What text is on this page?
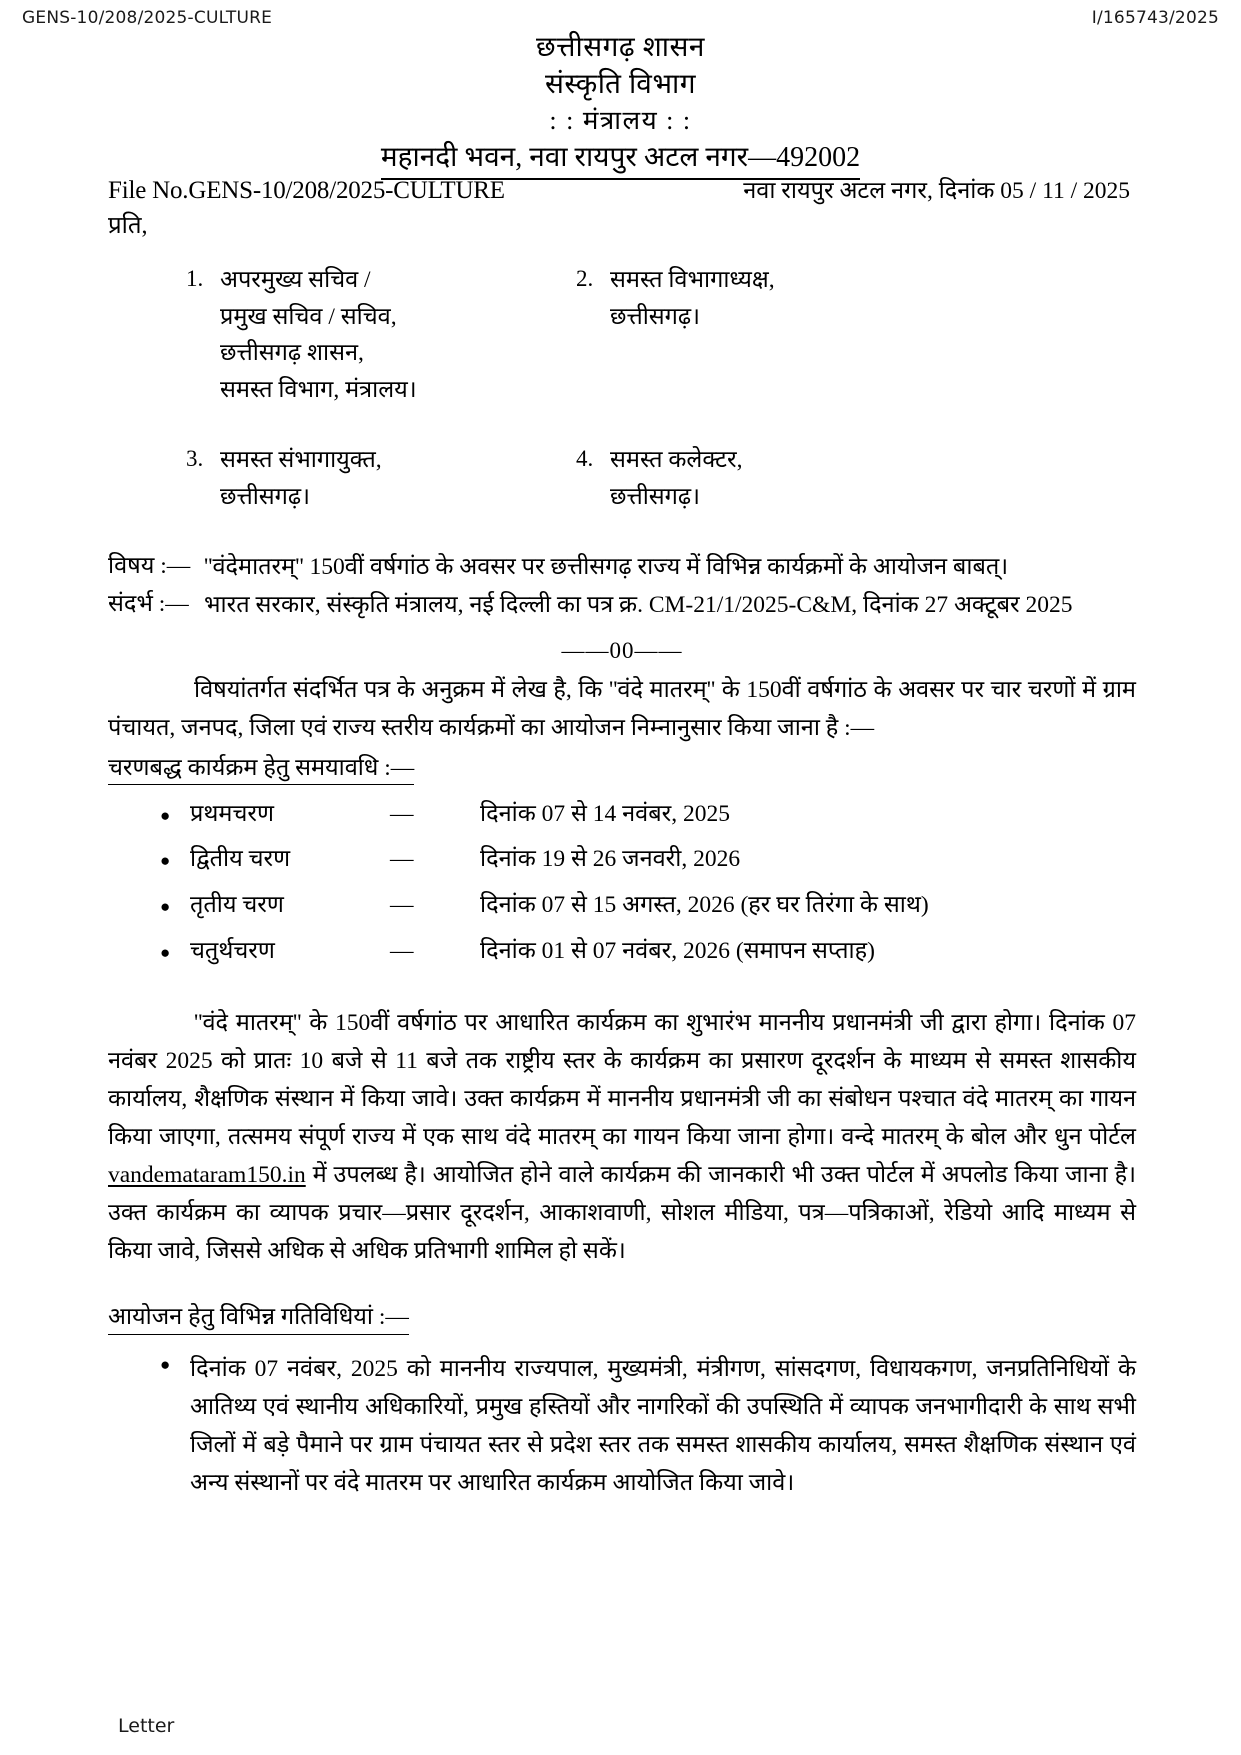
GENS-10/208/2025-CULTURE	I/165743/2025
छत्तीसगढ़ शासन
संस्कृति विभाग
: : मंत्रालय : :
महानदी भवन, नवा रायपुर अटल नगर—492002
File No.GENS-10/208/2025-CULTURE	नवा रायपुर अटल नगर, दिनांक 05 / 11 / 2025
प्रति,
1. अपरमुख्य सचिव /
प्रमुख सचिव / सचिव,
छत्तीसगढ़ शासन,
समस्त विभाग, मंत्रालय।
2. समस्त विभागाध्यक्ष,
छत्तीसगढ़।
3. समस्त संभागायुक्त,
छत्तीसगढ़।
4. समस्त कलेक्टर,
छत्तीसगढ़।
विषय :— ''वंदेमातरम्'' 150वीं वर्षगांठ के अवसर पर छत्तीसगढ़ राज्य में विभिन्न कार्यक्रमों के आयोजन बाबत्।
संदर्भ :— भारत सरकार, संस्कृति मंत्रालय, नई दिल्ली का पत्र क्र. CM-21/1/2025-C&M, दिनांक 27 अक्टूबर 2025
——00——

विषयांतर्गत संदर्भित पत्र के अनुक्रम में लेख है, कि ''वंदे मातरम्'' के 150वीं वर्षगांठ के अवसर पर चार चरणों में ग्राम पंचायत, जनपद, जिला एवं राज्य स्तरीय कार्यक्रमों का आयोजन निम्नानुसार किया जाना है :—

चरणबद्ध कार्यक्रम हेतु समयावधि :—
● प्रथमचरण	—	दिनांक 07 से 14 नवंबर, 2025
● द्वितीय चरण	—	दिनांक 19 से 26 जनवरी, 2026
● तृतीय चरण	—	दिनांक 07 से 15 अगस्त, 2026 (हर घर तिरंगा के साथ)
● चतुर्थचरण	—	दिनांक 01 से 07 नवंबर, 2026 (समापन सप्ताह)

''वंदे मातरम्'' के 150वीं वर्षगांठ पर आधारित कार्यक्रम का शुभारंभ माननीय प्रधानमंत्री जी द्वारा होगा। दिनांक 07 नवंबर 2025 को प्रातः 10 बजे से 11 बजे तक राष्ट्रीय स्तर के कार्यक्रम का प्रसारण दूरदर्शन के माध्यम से समस्त शासकीय कार्यालय, शैक्षणिक संस्थान में किया जावे। उक्त कार्यक्रम में माननीय प्रधानमंत्री जी का संबोधन पश्चात वंदे मातरम् का गायन किया जाएगा, तत्समय संपूर्ण राज्य में एक साथ वंदे मातरम् का गायन किया जाना होगा। वन्दे मातरम् के बोल और धुन पोर्टल vandemataram150.in में उपलब्ध है। आयोजित होने वाले कार्यक्रम की जानकारी भी उक्त पोर्टल में अपलोड किया जाना है। उक्त कार्यक्रम का व्यापक प्रचार—प्रसार दूरदर्शन, आकाशवाणी, सोशल मीडिया, पत्र—पत्रिकाओं, रेडियो आदि माध्यम से किया जावे, जिससे अधिक से अधिक प्रतिभागी शामिल हो सकें।

आयोजन हेतु विभिन्न गतिविधियां :—
● दिनांक 07 नवंबर, 2025 को माननीय राज्यपाल, मुख्यमंत्री, मंत्रीगण, सांसदगण, विधायकगण, जनप्रतिनिधियों के आतिथ्य एवं स्थानीय अधिकारियों, प्रमुख हस्तियों और नागरिकों की उपस्थिति में व्यापक जनभागीदारी के साथ सभी जिलों में बड़े पैमाने पर ग्राम पंचायत स्तर से प्रदेश स्तर तक समस्त शासकीय कार्यालय, समस्त शैक्षणिक संस्थान एवं अन्य संस्थानों पर वंदे मातरम पर आधारित कार्यक्रम आयोजित किया जावे।
Letter
